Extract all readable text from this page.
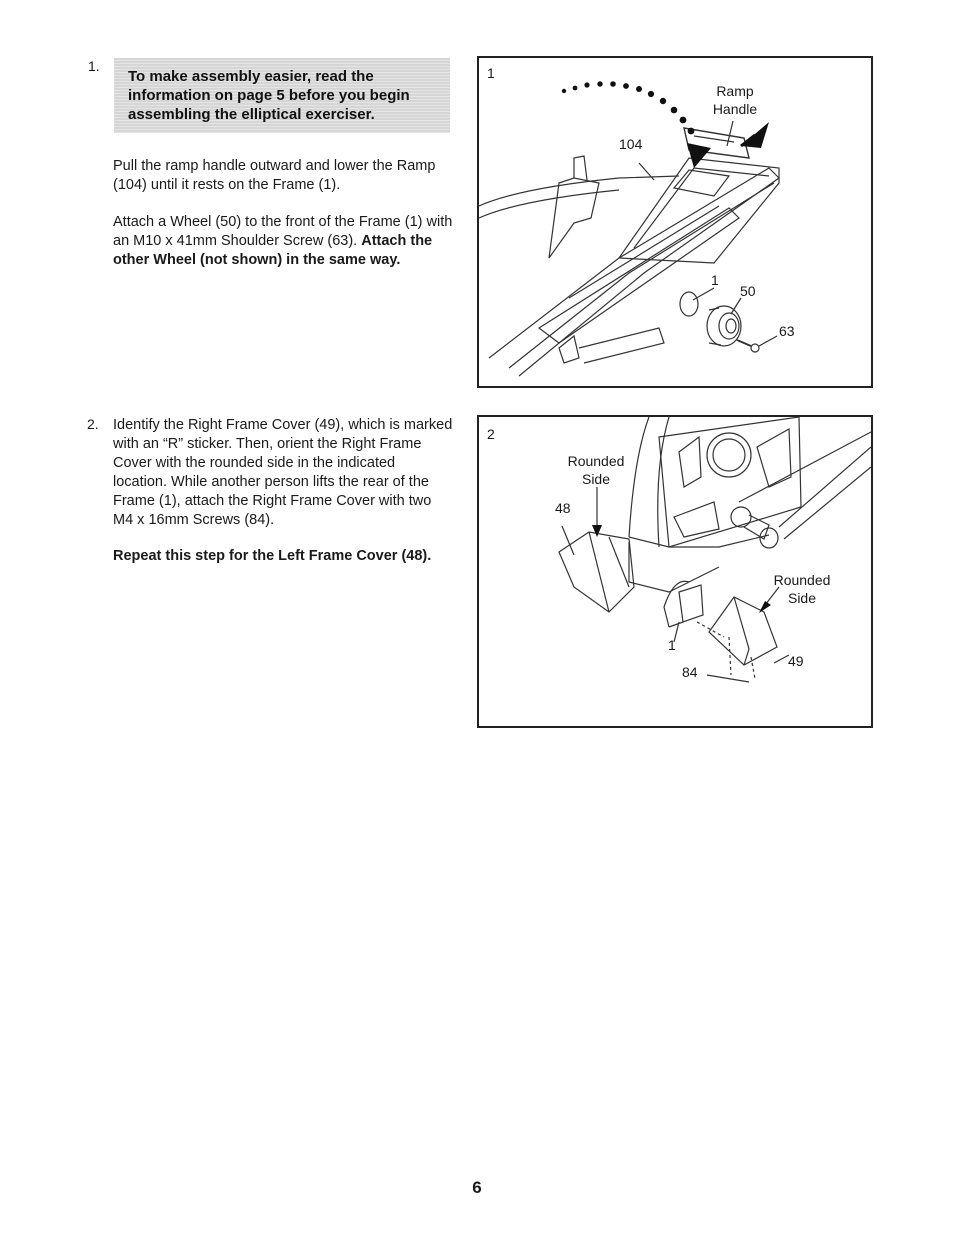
1.
To make assembly easier, read the information on page 5 before you begin assembling the elliptical exerciser.
Pull the ramp handle outward and lower the Ramp (104) until it rests on the Frame (1).
Attach a Wheel (50) to the front of the Frame (1) with an M10 x 41mm Shoulder Screw (63). Attach the other Wheel (not shown) in the same way.
1
Ramp
Handle
104
1
50
63
2. Identify the Right Frame Cover (49), which is marked with an “R” sticker. Then, orient the Right Frame Cover with the rounded side in the indicated location. While another person lifts the rear of the Frame (1), attach the Right Frame Cover with two M4 x 16mm Screws (84).
Repeat this step for the Left Frame Cover (48).
2
Rounded
Side
48
Rounded
Side
1
49
84
6
